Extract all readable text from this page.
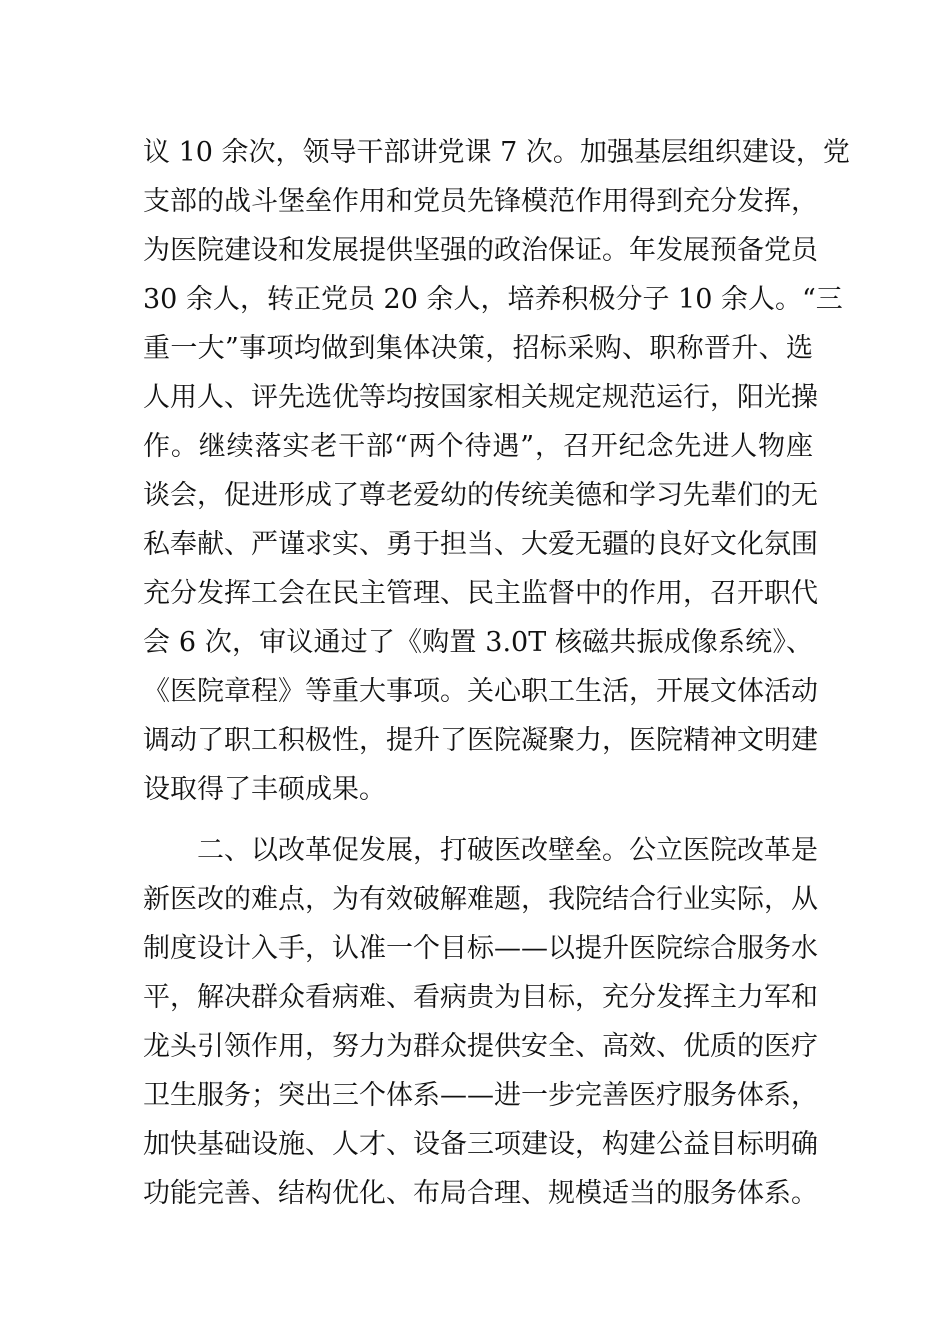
议 10 余次，领导干部讲党课 7 次。加强基层组织建设，党
支部的战斗堡垒作用和党员先锋模范作用得到充分发挥，
为医院建设和发展提供坚强的政治保证。年发展预备党员
30 余人，转正党员 20 余人，培养积极分子 10 余人。“三
重一大”事项均做到集体决策，招标采购、职称晋升、选
人用人、评先选优等均按国家相关规定规范运行，阳光操
作。继续落实老干部“两个待遇”，召开纪念先进人物座
谈会，促进形成了尊老爱幼的传统美德和学习先辈们的无
私奉献、严谨求实、勇于担当、大爱无疆的良好文化氛围
充分发挥工会在民主管理、民主监督中的作用，召开职代
会 6 次，审议通过了《购置 3.0T 核磁共振成像系统》、
《医院章程》等重大事项。关心职工生活，开展文体活动
调动了职工积极性，提升了医院凝聚力，医院精神文明建
设取得了丰硕成果。
二、以改革促发展，打破医改壁垒。公立医院改革是
新医改的难点，为有效破解难题，我院结合行业实际，从
制度设计入手，认准一个目标——以提升医院综合服务水
平，解决群众看病难、看病贵为目标，充分发挥主力军和
龙头引领作用，努力为群众提供安全、高效、优质的医疗
卫生服务；突出三个体系——进一步完善医疗服务体系，
加快基础设施、人才、设备三项建设，构建公益目标明确
功能完善、结构优化、布局合理、规模适当的服务体系。
